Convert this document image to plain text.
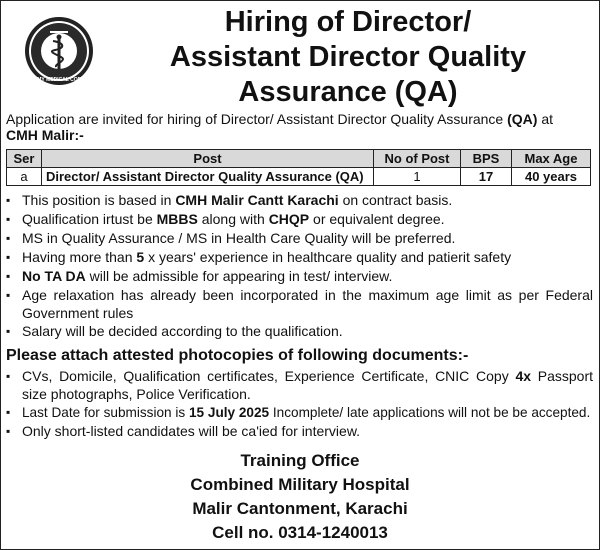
ARMY MEDICAL CORPS
Hiring of Director/
Assistant Director Quality
Assurance (QA)
Application are invited for hiring of Director/ Assistant Director Quality Assurance (QA) at
CMH Malir:-
Ser	Post	No of Post	BPS	Max Age
a	Director/ Assistant Director Quality Assurance (QA)	1	17	40 years
▪ This position is based in CMH Malir Cantt Karachi on contract basis.
▪ Qualification irtust be MBBS along with CHQP or equivalent degree.
▪ MS in Quality Assurance / MS in Health Care Quality will be preferred.
▪ Having more than 5 x years' experience in healthcare quality and patierit safety
▪ No TA DA will be admissible for appearing in test/ interview.
▪ Age relaxation has already been incorporated in the maximum age limit as per Federal Government rules
▪ Salary will be decided according to the qualification.
Please attach attested photocopies of following documents:-
▪ CVs, Domicile, Qualification certificates, Experience Certificate, CNIC Copy 4x Passport size photographs, Police Verification.
▪ Last Date for submission is 15 July 2025 Incomplete/ late applications will not be be accepted.
▪ Only short-listed candidates will be ca'ied for interview.
Training Office
Combined Military Hospital
Malir Cantonment, Karachi
Cell no. 0314-1240013
